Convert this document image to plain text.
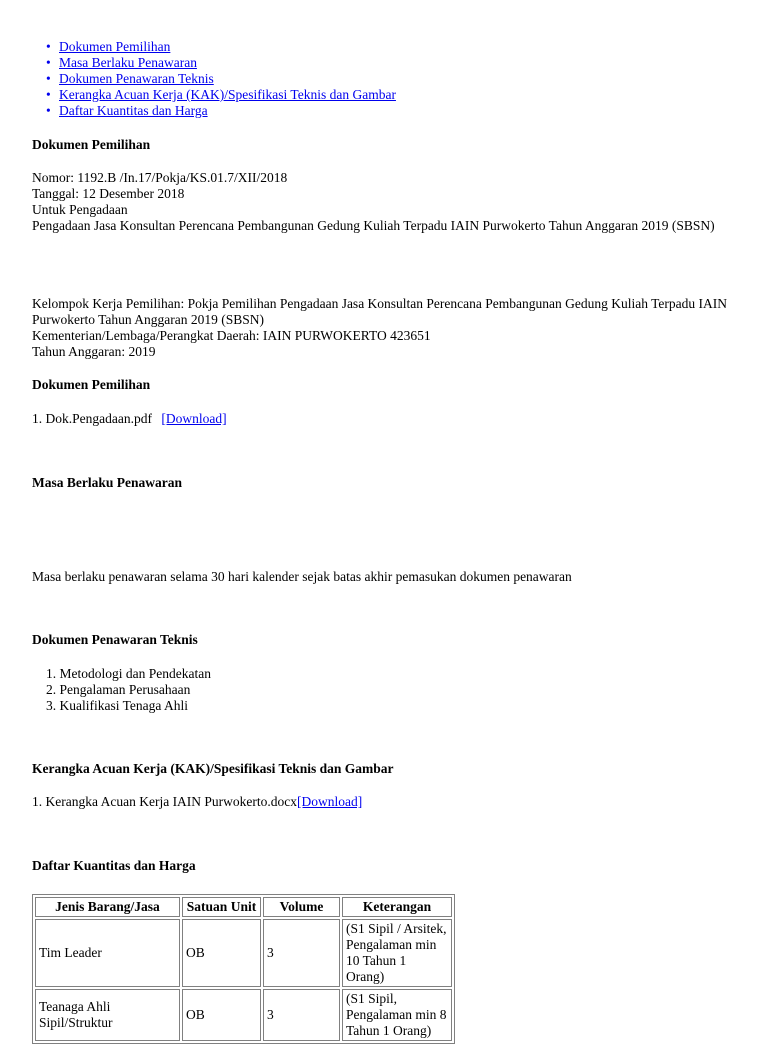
• Dokumen Pemilihan
• Masa Berlaku Penawaran
• Dokumen Penawaran Teknis
• Kerangka Acuan Kerja (KAK)/Spesifikasi Teknis dan Gambar
• Daftar Kuantitas dan Harga
Dokumen Pemilihan
Nomor: 1192.B /In.17/Pokja/KS.01.7/XII/2018
Tanggal: 12 Desember 2018
Untuk Pengadaan
Pengadaan Jasa Konsultan Perencana Pembangunan Gedung Kuliah Terpadu IAIN Purwokerto Tahun Anggaran 2019 (SBSN)
Kelompok Kerja Pemilihan: Pokja Pemilihan Pengadaan Jasa Konsultan Perencana Pembangunan Gedung Kuliah Terpadu IAIN
Purwokerto Tahun Anggaran 2019 (SBSN)
Kementerian/Lembaga/Perangkat Daerah: IAIN PURWOKERTO 423651
Tahun Anggaran: 2019
Dokumen Pemilihan
1. Dok.Pengadaan.pdf [Download]
Masa Berlaku Penawaran
Masa berlaku penawaran selama 30 hari kalender sejak batas akhir pemasukan dokumen penawaran
Dokumen Penawaran Teknis
1. Metodologi dan Pendekatan
2. Pengalaman Perusahaan
3. Kualifikasi Tenaga Ahli
Kerangka Acuan Kerja (KAK)/Spesifikasi Teknis dan Gambar
1. Kerangka Acuan Kerja IAIN Purwokerto.docx[Download]
Daftar Kuantitas dan Harga
Jenis Barang/Jasa	Satuan Unit	Volume	Keterangan
Tim Leader	OB	3	(S1 Sipil / Arsitek,
Pengalaman min
10 Tahun 1
Orang)
Teanaga Ahli
Sipil/Struktur	OB	3	(S1 Sipil,
Pengalaman min 8
Tahun 1 Orang)
